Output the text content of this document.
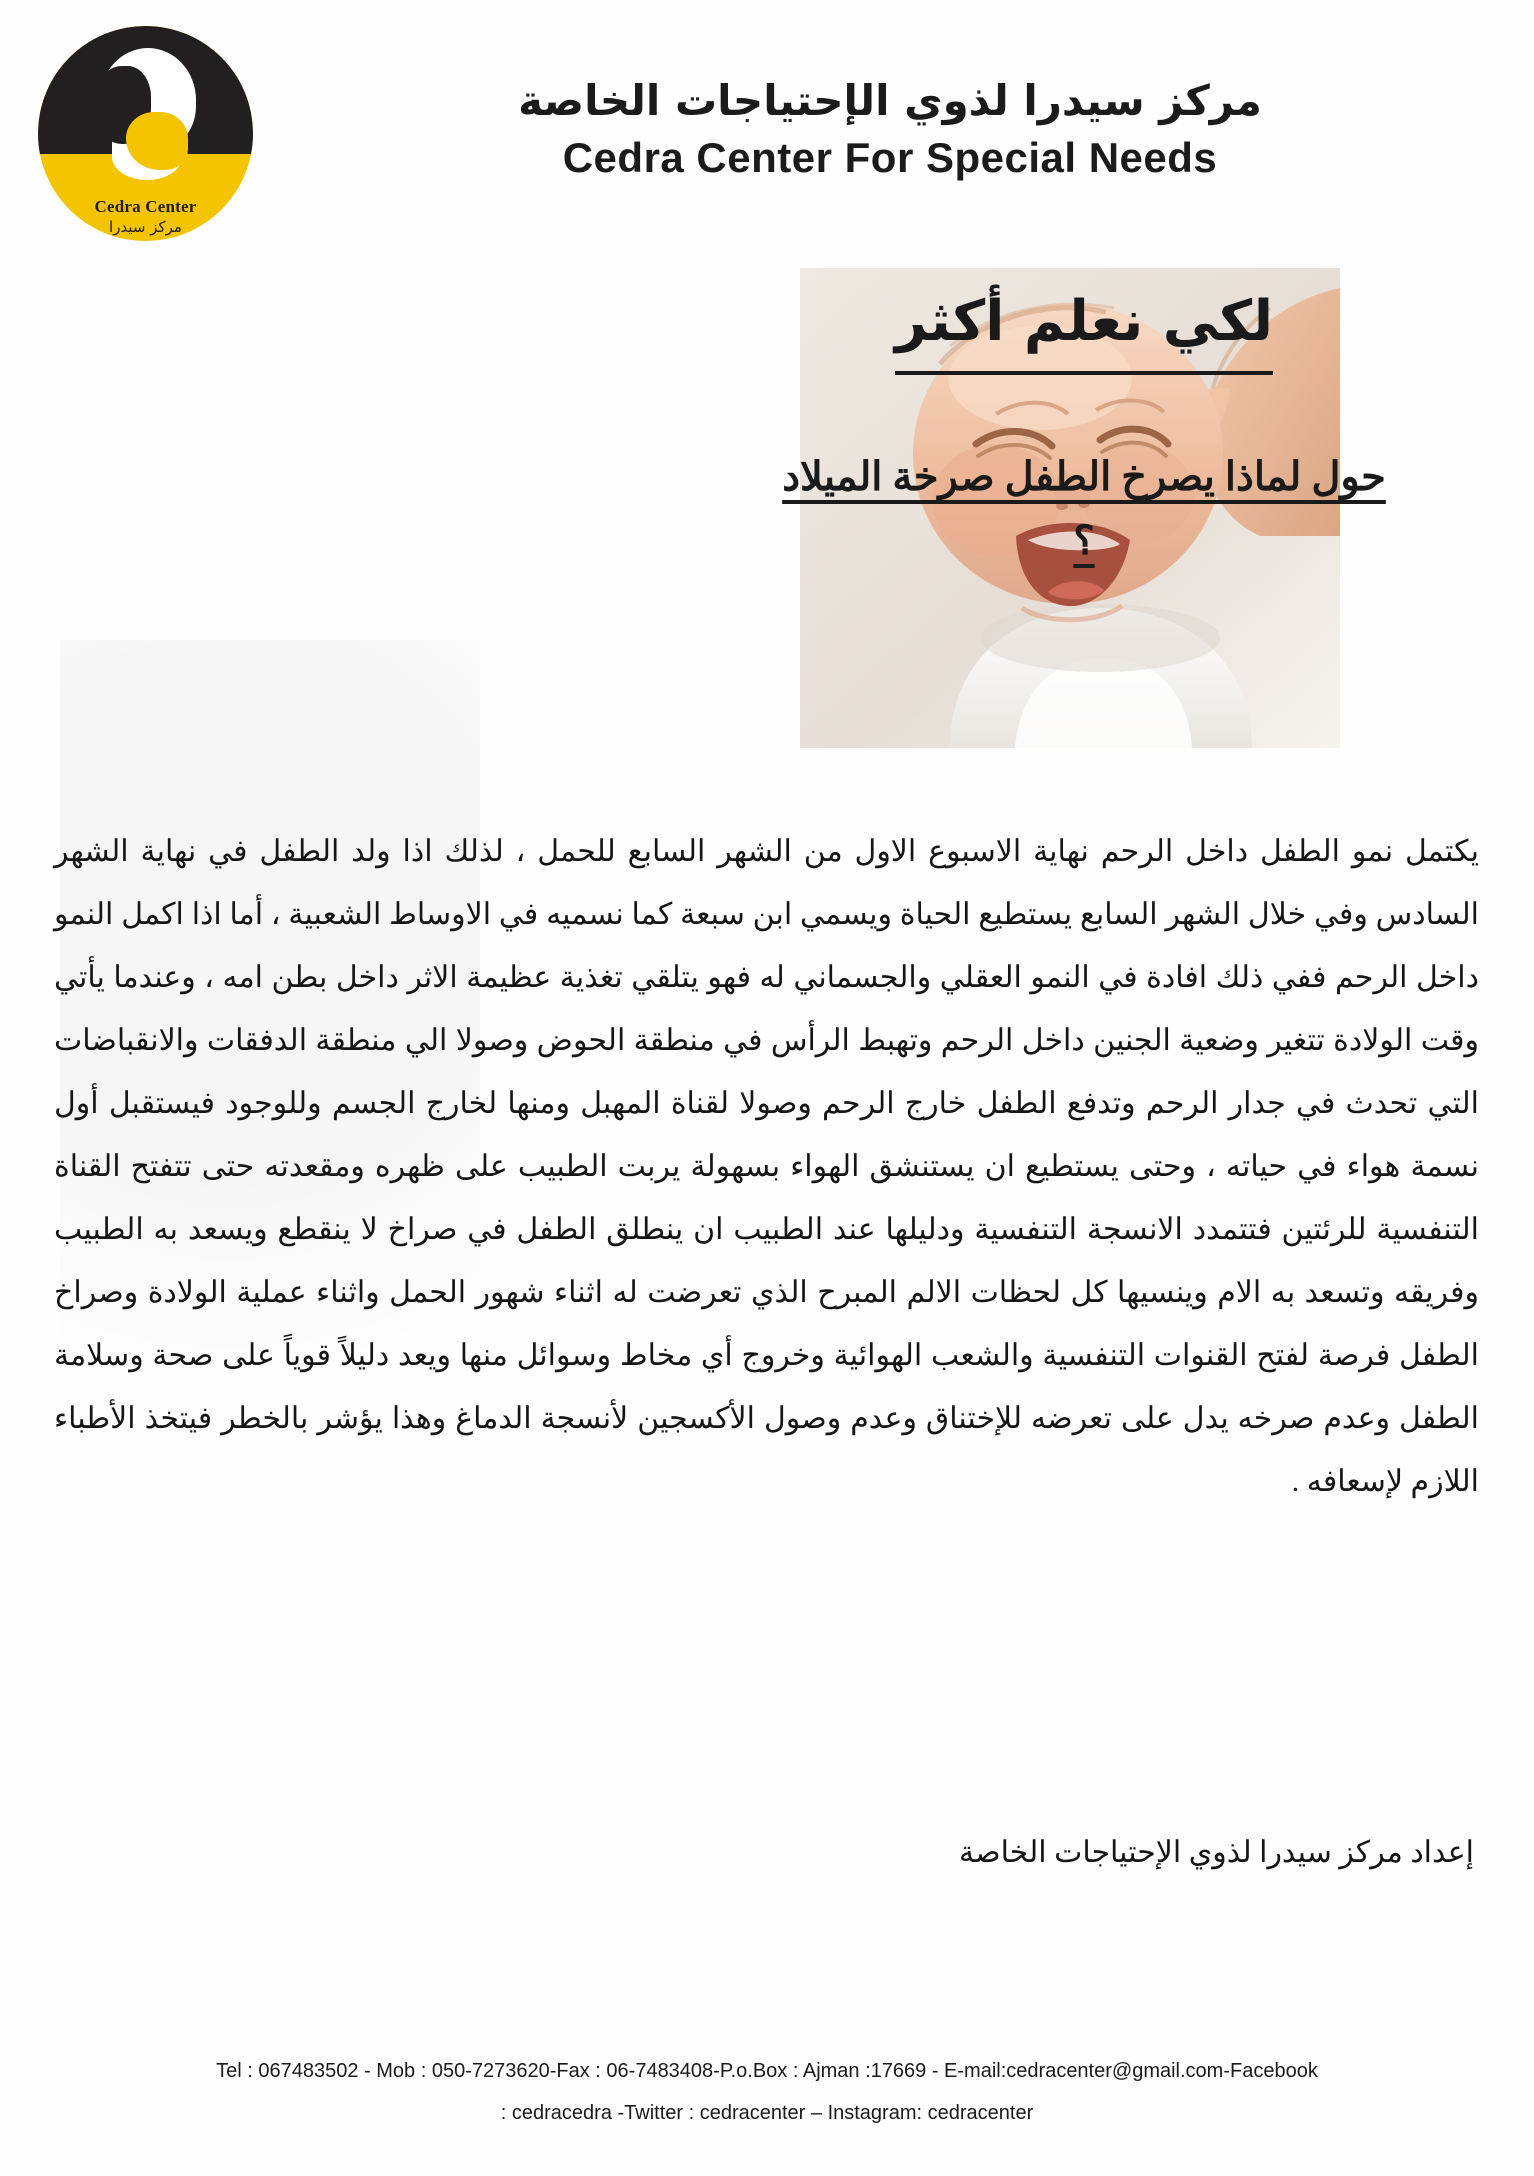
Cedra Center
مركز سيدرا
مركز سيدرا لذوي الإحتياجات الخاصة
Cedra Center For Special Needs
لكي نعلم أكثر
حول لماذا يصرخ الطفل صرخة الميلاد ؟
يكتمل نمو الطفل داخل الرحم نهاية الاسبوع الاول من الشهر السابع للحمل ، لذلك اذا ولد الطفل في نهاية الشهر السادس وفي خلال الشهر السابع يستطيع الحياة ويسمي ابن سبعة كما نسميه في الاوساط الشعبية ، أما اذا اكمل النمو داخل الرحم ففي ذلك افادة في النمو العقلي والجسماني له فهو يتلقي تغذية عظيمة الاثر داخل بطن امه ، وعندما يأتي وقت الولادة تتغير وضعية الجنين داخل الرحم وتهبط الرأس في منطقة الحوض وصولا الي منطقة الدفقات والانقباضات التي تحدث في جدار الرحم وتدفع الطفل خارج الرحم وصولا لقناة المهبل ومنها لخارج الجسم وللوجود فيستقبل أول نسمة هواء في حياته ، وحتى يستطيع ان يستنشق الهواء بسهولة يربت الطبيب على ظهره ومقعدته حتى تتفتح القناة التنفسية للرئتين فتتمدد الانسجة التنفسية ودليلها عند الطبيب ان ينطلق الطفل في صراخ لا ينقطع ويسعد به الطبيب وفريقه وتسعد به الام وينسيها كل لحظات الالم المبرح الذي تعرضت له اثناء شهور الحمل واثناء عملية الولادة وصراخ الطفل فرصة لفتح القنوات التنفسية والشعب الهوائية وخروج أي مخاط وسوائل منها ويعد دليلاً قوياً على صحة وسلامة الطفل وعدم صرخه يدل على تعرضه للإختناق وعدم وصول الأكسجين لأنسجة الدماغ وهذا يؤشر بالخطر فيتخذ الأطباء اللازم لإسعافه .
إعداد مركز سيدرا لذوي الإحتياجات الخاصة
Tel : 067483502 - Mob : 050-7273620-Fax : 06-7483408-P.o.Box : Ajman :17669 - E-mail:cedracenter@gmail.com-Facebook
: cedracedra -Twitter : cedracenter – Instagram: cedracenter
